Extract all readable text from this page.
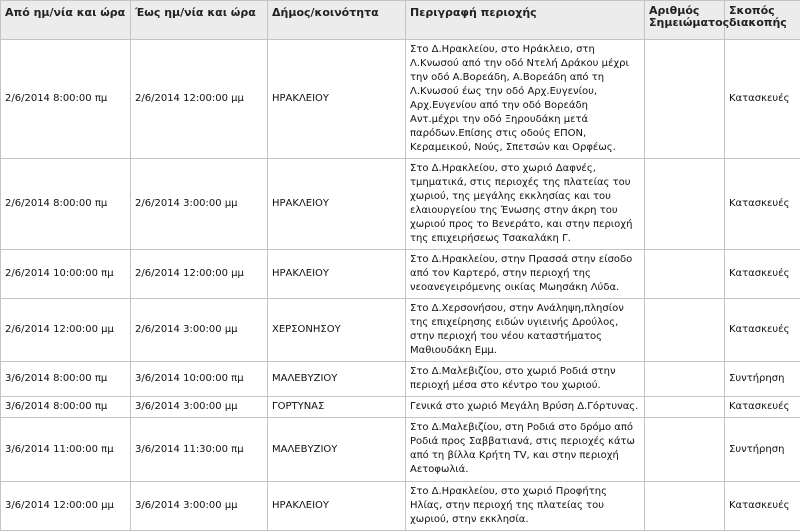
Από ημ/νία και ώρα	Έως ημ/νία και ώρα	Δήμος/κοινότητα	Περιγραφή περιοχής	Αριθμός Σημειώματος	Σκοπός διακοπής
2/6/2014 8:00:00 πμ	2/6/2014 12:00:00 μμ	ΗΡΑΚΛΕΙΟΥ	Στο Δ.Ηρακλείου, στο Ηράκλειο, στη Λ.Κνωσού από την οδό Ντελή Δράκου μέχρι την οδό Α.Βορεάδη, Α.Βορεάδη από τη Λ.Κνωσού έως την οδό Αρχ.Ευγενίου, Αρχ.Ευγενίου από την οδό Βορεάδη Αντ.μέχρι την οδό Ξηρουδάκη μετά παρόδων.Επίσης στις οδούς ΕΠΟΝ, Κεραμεικού, Νούς, Σπετσών και Ορφέως.		Κατασκευές
2/6/2014 8:00:00 πμ	2/6/2014 3:00:00 μμ	ΗΡΑΚΛΕΙΟΥ	Στο Δ.Ηρακλείου, στο χωριό Δαφνές, τμηματικά, στις περιοχές της πλατείας του χωριού, της μεγάλης εκκλησίας και του ελαιουργείου της Ένωσης στην άκρη του χωριού προς το Βενεράτο, και στην περιοχή της επιχειρήσεως Τσακαλάκη Γ.		Κατασκευές
2/6/2014 10:00:00 πμ	2/6/2014 12:00:00 μμ	ΗΡΑΚΛΕΙΟΥ	Στο Δ.Ηρακλείου, στην Πρασσά στην είσοδο από τον Καρτερό, στην περιοχή της νεοανεγειρόμενης οικίας Μωησάκη Λύδα.		Κατασκευές
2/6/2014 12:00:00 μμ	2/6/2014 3:00:00 μμ	ΧΕΡΣΟΝΗΣΟΥ	Στο Δ.Χερσονήσου, στην Ανάληψη,πλησίον της επιχείρησης ειδών υγιεινής Δρούλος, στην περιοχή του νέου καταστήματος Μαθιουδάκη Εμμ.		Κατασκευές
3/6/2014 8:00:00 πμ	3/6/2014 10:00:00 πμ	ΜΑΛΕΒΥΖΙΟΥ	Στο Δ.Μαλεβιζίου, στο χωριό Ροδιά στην περιοχή μέσα στο κέντρο του χωριού.		Συντήρηση
3/6/2014 8:00:00 πμ	3/6/2014 3:00:00 μμ	ΓΟΡΤΥΝΑΣ	Γενικά στο χωριό Μεγάλη Βρύση Δ.Γόρτυνας.		Κατασκευές
3/6/2014 11:00:00 πμ	3/6/2014 11:30:00 πμ	ΜΑΛΕΒΥΖΙΟΥ	Στο Δ.Μαλεβιζίου, στη Ροδιά στο δρόμο από Ροδιά προς Σαββατιανά, στις περιοχές κάτω από τη βίλλα Κρήτη TV, και στην περιοχή Αετοφωλιά.		Συντήρηση
3/6/2014 12:00:00 μμ	3/6/2014 3:00:00 μμ	ΗΡΑΚΛΕΙΟΥ	Στο Δ.Ηρακλείου, στο χωριό Προφήτης Ηλίας, στην περιοχή της πλατείας του χωριού, στην εκκλησία.		Κατασκευές
